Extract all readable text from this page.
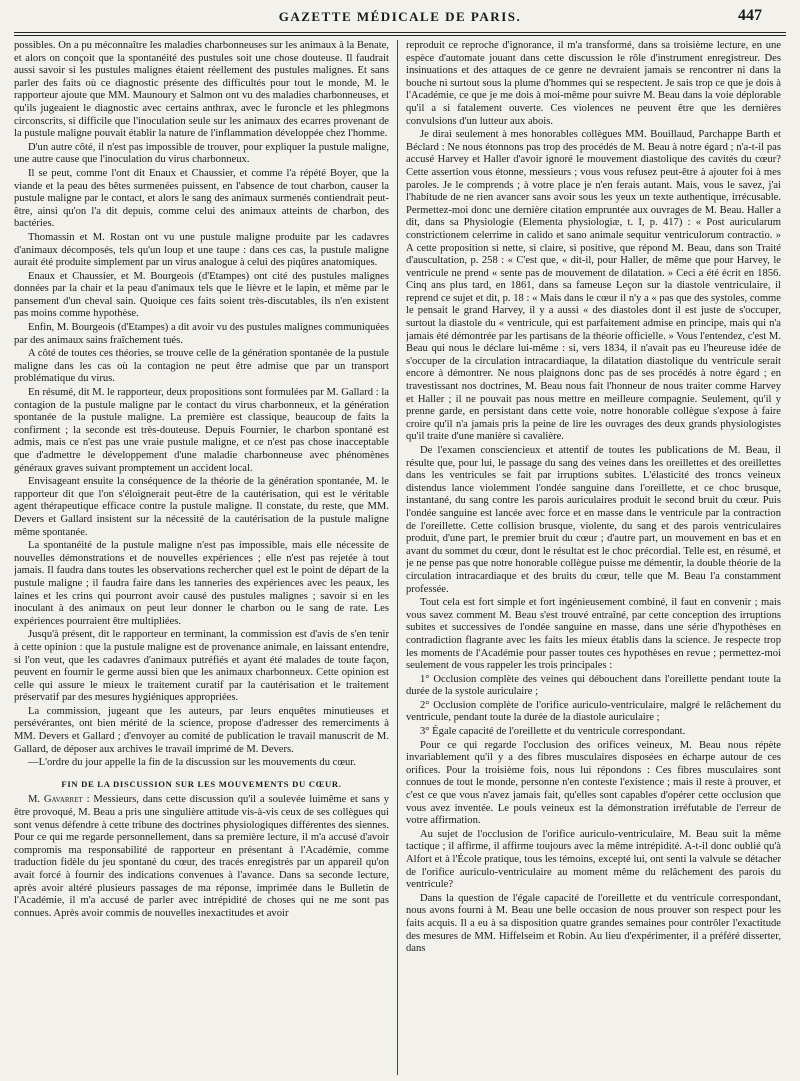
GAZETTE MÉDICALE DE PARIS.	447

possibles. On a pu méconnaître les maladies charbonneuses sur les animaux à la Benate, et alors on conçoit que la spontanéité des pustules soit une chose douteuse. Il faudrait aussi savoir si les pustules malignes étaient réellement des pustules malignes. Et sans parler des faits où ce diagnostic présente des difficultés pour tout le monde, M. le rapporteur ajoute que MM. Maunoury et Salmon ont vu des maladies charbonneuses, et qu'ils jugeaient le diagnostic avec certains anthrax, avec le furoncle et les phlegmons circonscrits, si difficile que l'inoculation seule sur les animaux des ecarres provenant de la pustule maligne pouvait établir la nature de l'inflammation développée chez l'homme.

D'un autre côté, il n'est pas impossible de trouver, pour expliquer la pustule maligne, une autre cause que l'inoculation du virus charbonneux.

Il se peut, comme l'ont dit Enaux et Chaussier, et comme l'a répété Boyer, que la viande et la peau des bêtes surmenées puissent, en l'absence de tout charbon, causer la pustule maligne par le contact, et alors le sang des animaux surmenés contiendrait peut-être, ainsi qu'on l'a dit depuis, comme celui des animaux atteints de charbon, des bactéries.

Thomassin et M. Rostan ont vu une pustule maligne produite par les cadavres d'animaux décomposés, tels qu'un loup et une taupe : dans ces cas, la pustule maligne aurait été produite simplement par un virus analogue à celui des piqûres anatomiques.

Enaux et Chaussier, et M. Bourgeois (d'Etampes) ont cité des pustules malignes données par la chair et la peau d'animaux tels que le lièvre et le lapin, et même par le pansement d'un cheval sain. Quoique ces faits soient très-discutables, ils n'en existent pas moins comme hypothèse.

Enfin, M. Bourgeois (d'Etampes) a dit avoir vu des pustules malignes communiquées par des animaux sains fraîchement tués.

A côté de toutes ces théories, se trouve celle de la génération spontanée de la pustule maligne dans les cas où la contagion ne peut être admise que par un transport problématique du virus.

En résumé, dit M. le rapporteur, deux propositions sont formulées par M. Gallard : la contagion de la pustule maligne par le contact du virus charbonneux, et la génération spontanée de la pustule maligne. La première est classique, beaucoup de faits la confirment ; la seconde est très-douteuse. Depuis Fournier, le charbon spontané est admis, mais ce n'est pas une vraie pustule maligne, et ce n'est pas chose inacceptable que d'admettre le développement d'une maladie charbonneuse avec phénomènes généraux graves suivant promptement un accident local.

Envisageant ensuite la conséquence de la théorie de la génération spontanée, M. le rapporteur dit que l'on s'éloignerait peut-être de la cautérisation, qui est le véritable agent thérapeutique efficace contre la pustule maligne. Il constate, du reste, que MM. Devers et Gallard insistent sur la nécessité de la cautérisation de la pustule maligne même spontanée.

La spontanéité de la pustule maligne n'est pas impossible, mais elle nécessite de nouvelles démonstrations et de nouvelles expériences ; elle n'est pas rejetée à tout jamais. Il faudra dans toutes les observations rechercher quel est le point de départ de la pustule maligne ; il faudra faire dans les tanneries des expériences avec les peaux, les laines et les crins qui pourront avoir causé des pustules malignes ; savoir si en les inoculant à des animaux on peut leur donner le charbon ou le sang de rate. Les expériences pourraient être multipliées.

Jusqu'à présent, dit le rapporteur en terminant, la commission est d'avis de s'en tenir à cette opinion : que la pustule maligne est de provenance animale, en laissant entendre, si l'on veut, que les cadavres d'animaux putréfiés et ayant été malades de toute façon, peuvent en fournir le germe aussi bien que les animaux charbonneux. Cette opinion est celle qui assure le mieux le traitement curatif par la cautérisation et le traitement préservatif par des mesures hygiéniques appropriées.

La commission, jugeant que les auteurs, par leurs enquêtes minutieuses et persévérantes, ont bien mérité de la science, propose d'adresser des remerciments à MM. Devers et Gallard ; d'envoyer au comité de publication le travail manuscrit de M. Gallard, de déposer aux archives le travail imprimé de M. Devers.

—L'ordre du jour appelle la fin de la discussion sur les mouvements du cœur.

FIN DE LA DISCUSSION SUR LES MOUVEMENTS DU CŒUR.

M. Gavarret : Messieurs, dans cette discussion qu'il a soulevée luimême et sans y être provoqué, M. Beau a pris une singulière attitude vis-à-vis ceux de ses collègues qui sont venus défendre à cette tribune des doctrines physiologiques différentes des siennes. Pour ce qui me regarde personnellement, dans sa première lecture, il m'a accusé d'avoir compromis ma responsabilité de rapporteur en présentant à l'Académie, comme traduction fidèle du jeu spontané du cœur, des tracés enregistrés par un appareil qu'on avait forcé à fournir des indications convenues à l'avance. Dans sa seconde lecture, après avoir altéré plusieurs passages de ma réponse, imprimée dans le Bulletin de l'Académie, il m'a accusé de parler avec intrépidité de choses qui ne me sont pas connues. Après avoir commis de nouvelles inexactitudes et avoir

reproduit ce reproche d'ignorance, il m'a transformé, dans sa troisième lecture, en une espèce d'automate jouant dans cette discussion le rôle d'instrument enregistreur. Des insinuations et des attaques de ce genre ne devraient jamais se rencontrer ni dans la bouche ni surtout sous la plume d'hommes qui se respectent. Je sais trop ce que je dois à l'Académie, ce que je me dois à moi-même pour suivre M. Beau dans la voie déplorable qu'il a si fatalement ouverte. Ces violences ne peuvent être que les dernières convulsions d'un lutteur aux abois.

Je dirai seulement à mes honorables collègues MM. Bouillaud, Parchappe Barth et Béclard : Ne nous étonnons pas trop des procédés de M. Beau à notre égard ; n'a-t-il pas accusé Harvey et Haller d'avoir ignoré le mouvement diastolique des cavités du cœur? Cette assertion vous étonne, messieurs ; vous vous refusez peut-être à ajouter foi à mes paroles. Je le comprends ; à votre place je n'en ferais autant. Mais, vous le savez, j'ai l'habitude de ne rien avancer sans avoir sous les yeux un texte authentique, irrécusable. Permettez-moi donc une dernière citation empruntée aux ouvrages de M. Beau. Haller a dit, dans sa Physiologie (Elementa physiologiæ, t. I, p. 417) : « Post auricularum constrictionem celerrime in calido et sano animale sequitur ventriculorum contractio. » A cette proposition si nette, si claire, si positive, que répond M. Beau, dans son Traité d'auscultation, p. 258 : « C'est que, « dit-il, pour Haller, de même que pour Harvey, le ventricule ne prend « sente pas de mouvement de dilatation. » Ceci a été écrit en 1856. Cinq ans plus tard, en 1861, dans sa fameuse Leçon sur la diastole ventriculaire, il reprend ce sujet et dit, p. 18 : « Mais dans le cœur il n'y a « pas que des systoles, comme le pensait le grand Harvey, il y a aussi « des diastoles dont il est juste de s'occuper, surtout la diastole du « ventricule, qui est parfaitement admise en principe, mais qui n'a jamais été démontrée par les partisans de la théorie officielle. » Vous l'entendez, c'est M. Beau qui nous le déclare lui-même : si, vers 1834, il n'avait pas eu l'heureuse idée de s'occuper de la circulation intracardiaque, la dilatation diastolique du ventricule serait encore à démontrer. Ne nous plaignons donc pas de ses procédés à notre égard ; en travestissant nos doctrines, M. Beau nous fait l'honneur de nous traiter comme Harvey et Haller ; il ne pouvait pas nous mettre en meilleure compagnie. Seulement, qu'il y prenne garde, en persistant dans cette voie, notre honorable collègue s'expose à faire croire qu'il n'a jamais pris la peine de lire les ouvrages des deux grands physiologistes qu'il traite d'une manière si cavalière.

De l'examen consciencieux et attentif de toutes les publications de M. Beau, il résulte que, pour lui, le passage du sang des veines dans les oreillettes et des oreillettes dans les ventricules se fait par irruptions subites. L'élasticité des troncs veineux distendus lance violemment l'ondée sanguine dans l'oreillette, et ce choc brusque, instantané, du sang contre les parois auriculaires produit le second bruit du cœur. Puis l'ondée sanguine est lancée avec force et en masse dans le ventricule par la contraction de l'oreillette. Cette collision brusque, violente, du sang et des parois ventriculaires produit, d'une part, le premier bruit du cœur ; d'autre part, un mouvement en bas et en avant du sommet du cœur, dont le résultat est le choc précordial. Telle est, en résumé, et je ne pense pas que notre honorable collègue puisse me démentir, la double théorie de la circulation intracardiaque et des bruits du cœur, telle que M. Beau l'a constamment professée.

Tout cela est fort simple et fort ingénieusement combiné, il faut en convenir ; mais vous savez comment M. Beau s'est trouvé entraîné, par cette conception des irruptions subites et successives de l'ondée sanguine en masse, dans une série d'hypothèses en contradiction flagrante avec les faits les mieux établis dans la science. Je respecte trop les moments de l'Académie pour passer toutes ces hypothèses en revue ; permettez-moi seulement de vous rappeler les trois principales :

1° Occlusion complète des veines qui débouchent dans l'oreillette pendant toute la durée de la systole auriculaire ;

2° Occlusion complète de l'orifice auriculo-ventriculaire, malgré le relâchement du ventricule, pendant toute la durée de la diastole auriculaire ;

3° Égale capacité de l'oreillette et du ventricule correspondant.

Pour ce qui regarde l'occlusion des orifices veineux, M. Beau nous répète invariablement qu'il y a des fibres musculaires disposées en écharpe autour de ces orifices. Pour la troisième fois, nous lui répondons : Ces fibres musculaires sont connues de tout le monde, personne n'en conteste l'existence ; mais il reste à prouver, et c'est ce que vous n'avez jamais fait, qu'elles sont capables d'opérer cette occlusion que vous avez inventée. Le pouls veineux est la démonstration irréfutable de l'erreur de votre affirmation.

Au sujet de l'occlusion de l'orifice auriculo-ventriculaire, M. Beau suit la même tactique ; il affirme, il affirme toujours avec la même intrépidité. A-t-il donc oublié qu'à Alfort et à l'École pratique, tous les témoins, excepté lui, ont senti la valvule se détacher de l'orifice auriculo-ventriculaire au moment même du relâchement des parois du ventricule?

Dans la question de l'égale capacité de l'oreillette et du ventricule correspondant, nous avons fourni à M. Beau une belle occasion de nous prouver son respect pour les faits acquis. Il a eu à sa disposition quatre grandes semaines pour contrôler l'exactitude des mesures de MM. Hiffelseim et Robin. Au lieu d'expérimenter, il a préféré disserter, dans
